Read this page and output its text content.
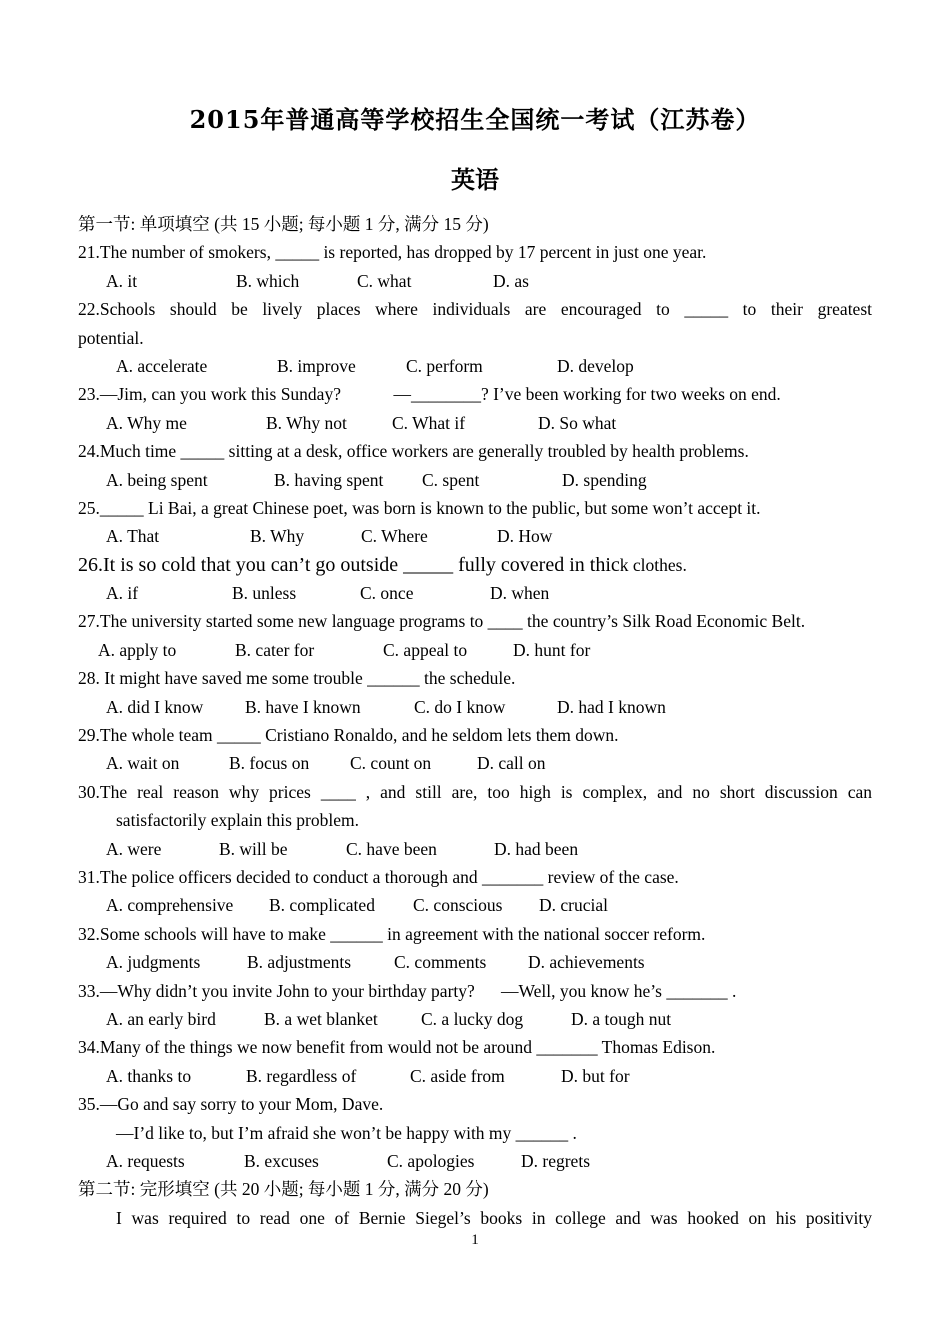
2015年普通高等学校招生全国统一考试（江苏卷）
英语
第一节: 单项填空 (共 15 小题; 每小题 1 分, 满分 15 分)
21.The number of smokers, _____ is reported, has dropped by 17 percent in just one year.
A. it	B. which	C. what	D. as
22.Schools should be lively places where individuals are encouraged to _____ to their greatest
potential.
A. accelerate	B. improve	C. perform	D. develop
23.—Jim, can you work this Sunday?            —________? I’ve been working for two weeks on end.
A. Why me	B. Why not	C. What if	D. So what
24.Much time _____ sitting at a desk, office workers are generally troubled by health problems.
A. being spent	B. having spent	C. spent	D. spending
25._____ Li Bai, a great Chinese poet, was born is known to the public, but some won’t accept it.
A. That	B. Why	C. Where	D. How
26.It is so cold that you can’t go outside _____ fully covered in thick clothes.
A. if	B. unless	C. once	D. when
27.The university started some new language programs to ____ the country’s Silk Road Economic Belt.
A. apply to	B. cater for	C. appeal to	D. hunt for
28. It might have saved me some trouble ______ the schedule.
A. did I know	B. have I known	C. do I know	D. had I known
29.The whole team _____ Cristiano Ronaldo, and he seldom lets them down.
A. wait on	B. focus on	C. count on	D. call on
30.The real reason why prices ____ , and still are, too high is complex, and no short discussion can
satisfactorily explain this problem.
A. were	B. will be	C. have been	D. had been
31.The police officers decided to conduct a thorough and _______ review of the case.
A. comprehensive	B. complicated	C. conscious	D. crucial
32.Some schools will have to make ______ in agreement with the national soccer reform.
A. judgments	B. adjustments	C. comments	D. achievements
33.—Why didn’t you invite John to your birthday party?      —Well, you know he’s _______ .
A. an early bird	B. a wet blanket	C. a lucky dog	D. a tough nut
34.Many of the things we now benefit from would not be around _______ Thomas Edison.
A. thanks to	B. regardless of	C. aside from	D. but for
35.—Go and say sorry to your Mom, Dave.
—I’d like to, but I’m afraid she won’t be happy with my ______ .
A. requests	B. excuses	C. apologies	D. regrets
第二节: 完形填空 (共 20 小题; 每小题 1 分, 满分 20 分)
I was required to read one of Bernie Siegel’s books in college and was hooked on his positivity
1
